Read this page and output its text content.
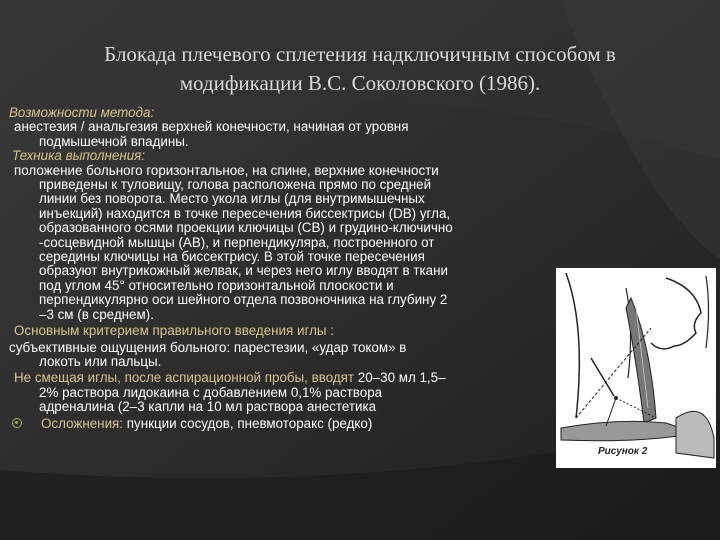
Блокада плечевого сплетения надключичным способом в
модификации В.С. Соколовского (1986).

Возможности метода:

анестезия / анальгезия верхней конечности, начиная от уровня

подмышечной впадины.

Техника выполнения:

положение больного горизонтальное, на спине, верхние конечности

приведены к туловищу, голова расположена прямо по средней

линии без поворота. Место укола иглы (для внутримышечных

инъекций) находится в точке пересечения биссектрисы (DB) угла,

образованного осями проекции ключицы (СВ) и грудино-ключично

-сосцевидной мышцы (АВ), и перпендикуляра, построенного от

середины ключицы на биссектрису. В этой точке пересечения

образуют внутрикожный желвак, и через него иглу вводят в ткани

под углом 45° относительно горизонтальной плоскости и

перпендикулярно оси шейного отдела позвоночника на глубину 2

–3 см (в среднем).

Основным критерием правильного введения иглы :

субъективные ощущения больного: парестезии, «удар током» в

локоть или пальцы.

Не смещая иглы, после аспирационной пробы, вводят 20–30 мл 1,5–

2% раствора лидокаина с добавлением 0,1% раствора

адреналина (2–3 капли на 10 мл раствора анестетика

Осложнения: пункции сосудов, пневмоторакс (редко)
Рисунок 2
